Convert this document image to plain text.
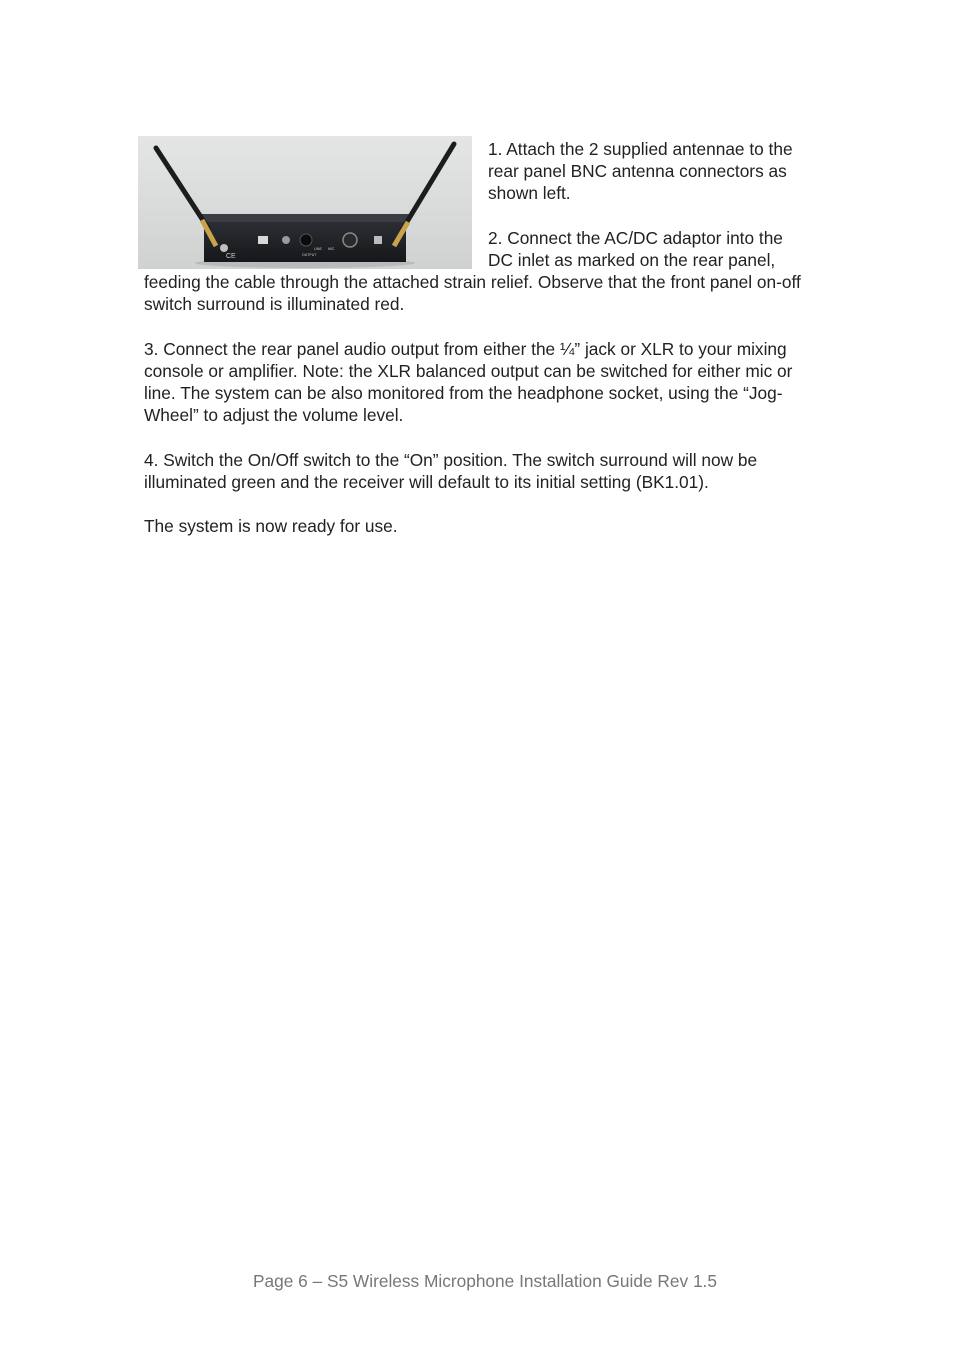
CE	OUTPUT
LINE MIC

1. Attach the 2 supplied antennae to the rear panel BNC antenna connectors as shown left.

2. Connect the AC/DC adaptor into the DC inlet as marked on the rear panel, feeding the cable through the attached strain relief. Observe that the front panel on-off switch surround is illuminated red.

3. Connect the rear panel audio output from either the ¼” jack or XLR to your mixing console or amplifier. Note: the XLR balanced output can be switched for either mic or line. The system can be also monitored from the headphone socket, using the “Jog-Wheel” to adjust the volume level.

4. Switch the On/Off switch to the “On” position. The switch surround will now be illuminated green and the receiver will default to its initial setting (BK1.01).

The system is now ready for use.

Page 6 – S5 Wireless Microphone Installation Guide Rev 1.5
